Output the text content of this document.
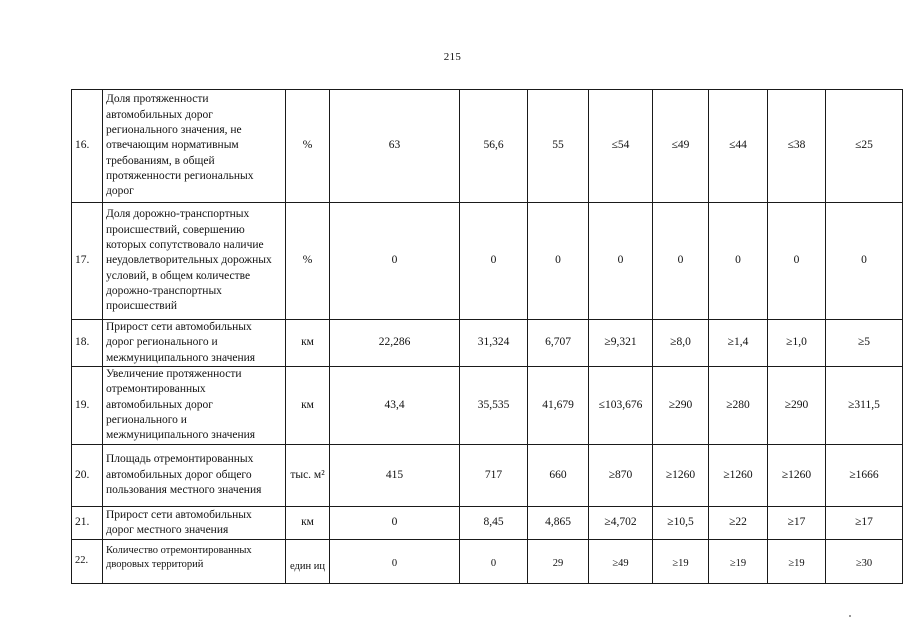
215
16.	Доля протяженности автомобильных дорог регионального значения, не отвечающим нормативным требованиям, в общей протяженности региональных дорог	%	63	56,6	55	≤54	≤49	≤44	≤38	≤25
17.	Доля дорожно-транспортных происшествий, совершению которых сопутствовало наличие неудовлетворительных дорожных условий, в общем количестве дорожно-транспортных происшествий	%	0	0	0	0	0	0	0	0
18.	Прирост сети автомобильных дорог регионального и межмуниципального значения	км	22,286	31,324	6,707	≥9,321	≥8,0	≥1,4	≥1,0	≥5
19.	Увеличение протяженности отремонтированных автомобильных дорог регионального и межмуниципального значения	км	43,4	35,535	41,679	≤103,676	≥290	≥280	≥290	≥311,5
20.	Площадь отремонтированных автомобильных дорог общего пользования местного значения	тыс. м²	415	717	660	≥870	≥1260	≥1260	≥1260	≥1666
21.	Прирост сети автомобильных дорог местного значения	км	0	8,45	4,865	≥4,702	≥10,5	≥22	≥17	≥17
22.	Количество отремонтированных дворовых территорий	един иц	0	0	29	≥49	≥19	≥19	≥19	≥30
